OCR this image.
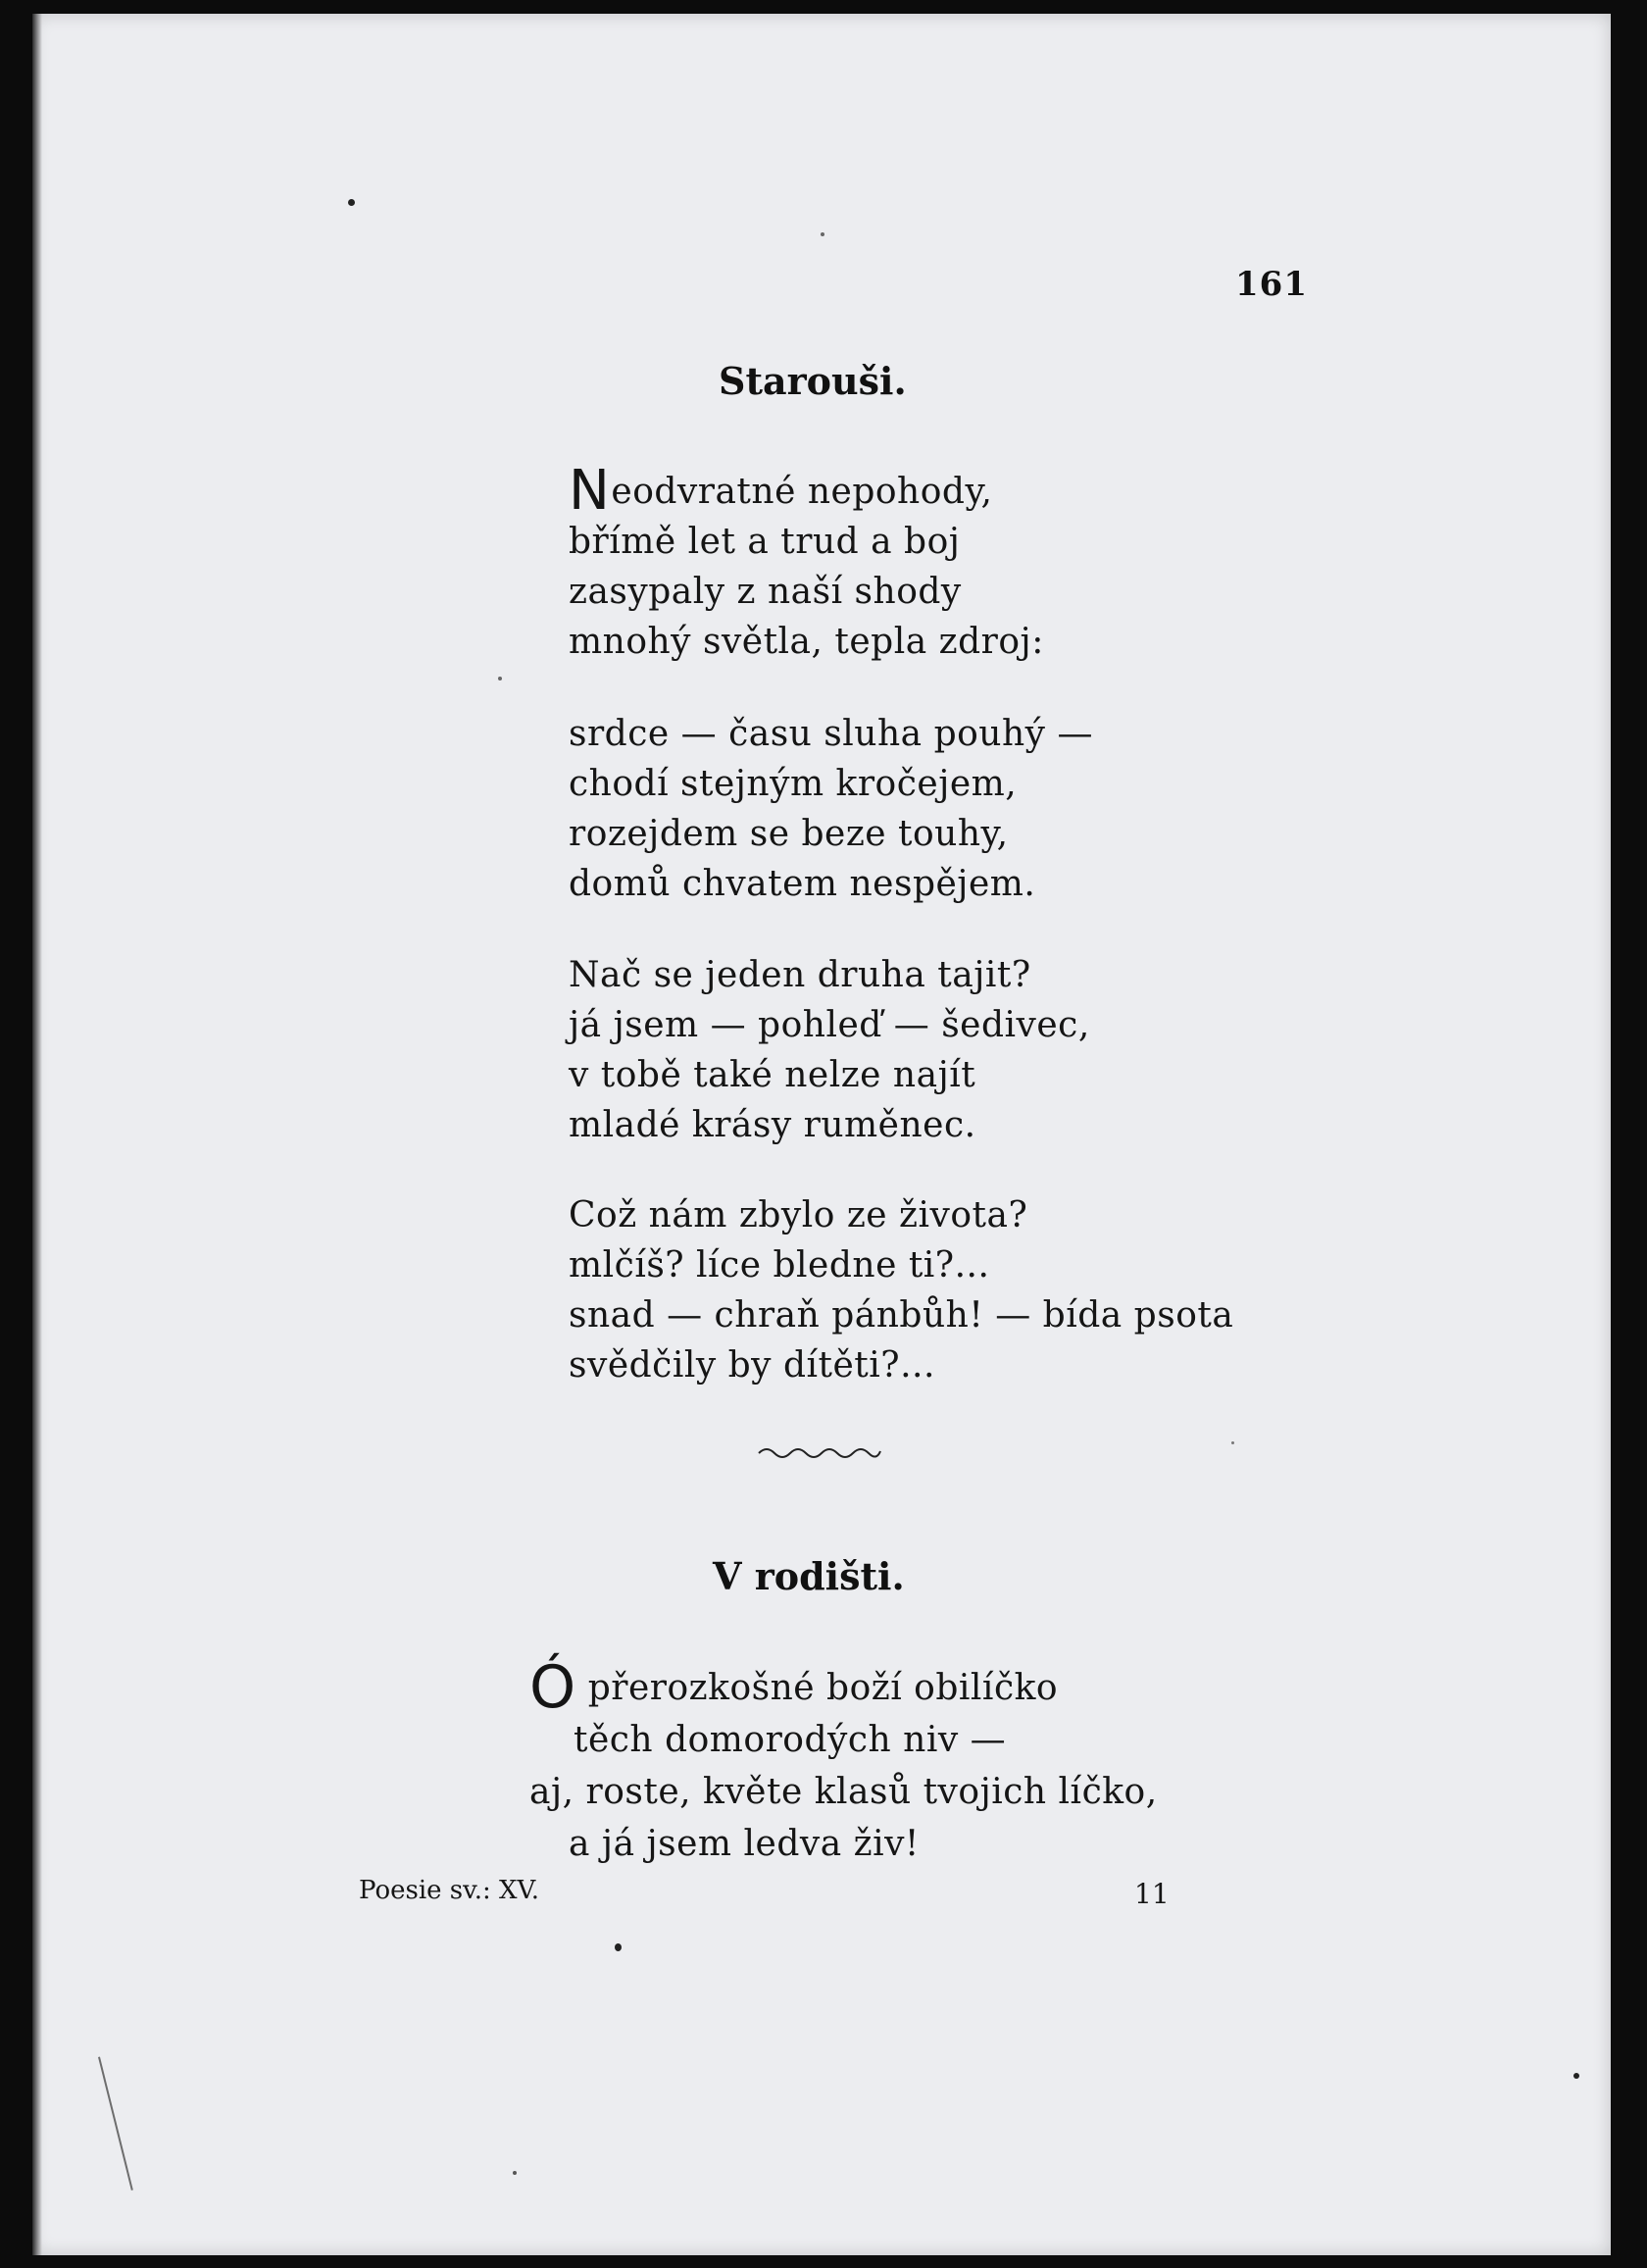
161
Starouši.
Neodvratné nepohody,
břímě let a trud a boj
zasypaly z naší shody
mnohý světla, tepla zdroj:
srdce — času sluha pouhý —
chodí stejným kročejem,
rozejdem se beze touhy,
domů chvatem nespějem.
Nač se jeden druha tajit?
já jsem — pohleď — šedivec,
v tobě také nelze najít
mladé krásy ruměnec.
Což nám zbylo ze života?
mlčíš? líce bledne ti?...
snad — chraň pánbůh! — bída psota
svědčily by dítěti?...
V rodišti.
Ópřerozkošné boží obilíčko
těch domorodých niv —
aj, roste, květe klasů tvojich líčko,
a já jsem ledva živ!
Poesie sv.: XV.	11
